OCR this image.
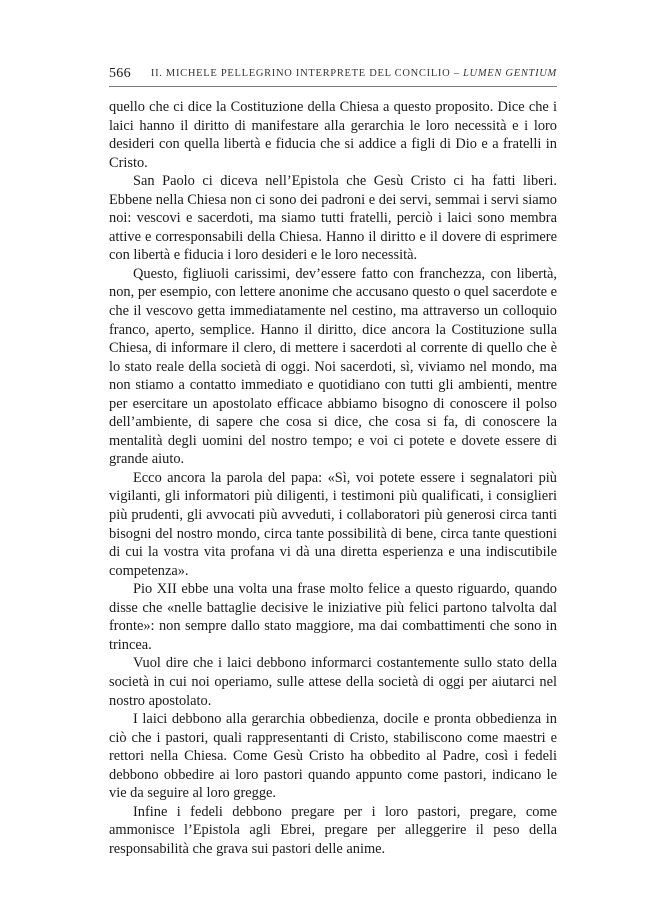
566 II. MICHELE PELLEGRINO INTERPRETE DEL CONCILIO – LUMEN GENTIUM

quello che ci dice la Costituzione della Chiesa a questo proposito. Dice che i laici hanno il diritto di manifestare alla gerarchia le loro necessità e i loro desideri con quella libertà e fiducia che si addice a figli di Dio e a fratelli in Cristo.

San Paolo ci diceva nell’Epistola che Gesù Cristo ci ha fatti liberi. Ebbene nella Chiesa non ci sono dei padroni e dei servi, semmai i servi siamo noi: vescovi e sacerdoti, ma siamo tutti fratelli, perciò i laici sono membra attive e corresponsabili della Chiesa. Hanno il diritto e il dovere di esprimere con libertà e fiducia i loro desideri e le loro necessità.

Questo, figliuoli carissimi, dev’essere fatto con franchezza, con libertà, non, per esempio, con lettere anonime che accusano questo o quel sacerdote e che il vescovo getta immediatamente nel cestino, ma attraverso un colloquio franco, aperto, semplice. Hanno il diritto, dice ancora la Costituzione sulla Chiesa, di informare il clero, di mettere i sacerdoti al corrente di quello che è lo stato reale della società di oggi. Noi sacerdoti, sì, viviamo nel mondo, ma non stiamo a contatto immediato e quotidiano con tutti gli ambienti, mentre per esercitare un apostolato efficace abbiamo bisogno di conoscere il polso dell’ambiente, di sapere che cosa si dice, che cosa si fa, di conoscere la mentalità degli uomini del nostro tempo; e voi ci potete e dovete essere di grande aiuto.

Ecco ancora la parola del papa: «Sì, voi potete essere i segnalatori più vigilanti, gli informatori più diligenti, i testimoni più qualificati, i consiglieri più prudenti, gli avvocati più avveduti, i collaboratori più generosi circa tanti bisogni del nostro mondo, circa tante possibilità di bene, circa tante questioni di cui la vostra vita profana vi dà una diretta esperienza e una indiscutibile competenza».

Pio XII ebbe una volta una frase molto felice a questo riguardo, quando disse che «nelle battaglie decisive le iniziative più felici partono talvolta dal fronte»: non sempre dallo stato maggiore, ma dai combattimenti che sono in trincea.

Vuol dire che i laici debbono informarci costantemente sullo stato della società in cui noi operiamo, sulle attese della società di oggi per aiutarci nel nostro apostolato.

I laici debbono alla gerarchia obbedienza, docile e pronta obbedienza in ciò che i pastori, quali rappresentanti di Cristo, stabiliscono come maestri e rettori nella Chiesa. Come Gesù Cristo ha obbedito al Padre, così i fedeli debbono obbedire ai loro pastori quando appunto come pastori, indicano le vie da seguire al loro gregge.

Infine i fedeli debbono pregare per i loro pastori, pregare, come ammonisce l’Epistola agli Ebrei, pregare per alleggerire il peso della responsabilità che grava sui pastori delle anime.
